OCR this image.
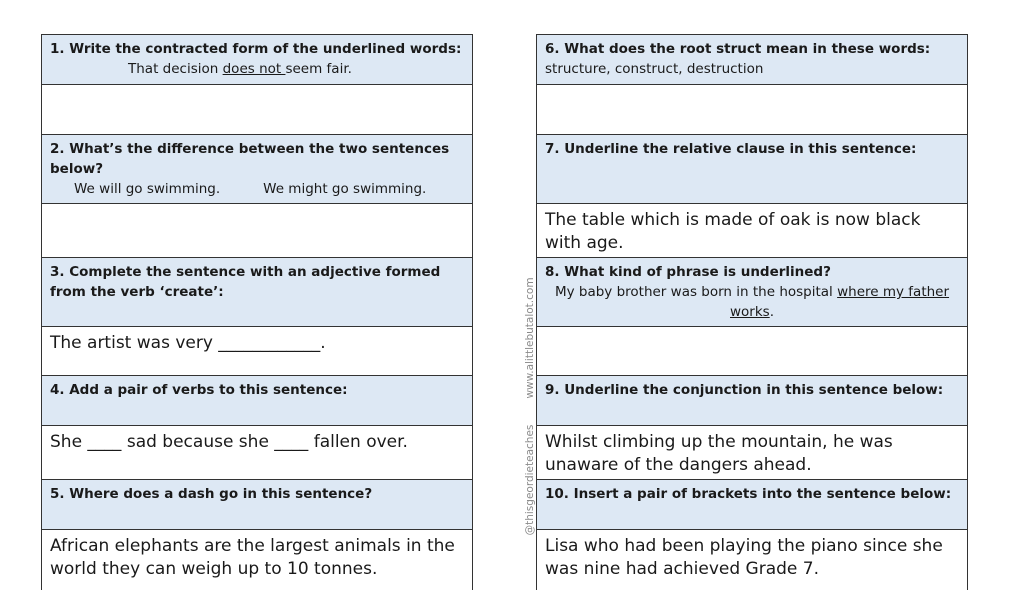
1. Write the contracted form of the underlined words:
That decision does not seem fair.
2. What’s the difference between the two sentences below?
We will go swimming.	We might go swimming.
3. Complete the sentence with an adjective formed from the verb ‘create’:
The artist was very ____________.
4. Add a pair of verbs to this sentence:
She ____ sad because she ____ fallen over.
5. Where does a dash go in this sentence?
African elephants are the largest animals in the world they can weigh up to 10 tonnes.
6. What does the root struct mean in these words:
structure, construct, destruction
7. Underline the relative clause in this sentence:
The table which is made of oak is now black with age.
8. What kind of phrase is underlined?
My baby brother was born in the hospital where my father works.
9. Underline the conjunction in this sentence below:
Whilst climbing up the mountain, he was unaware of the dangers ahead.
10. Insert a pair of brackets into the sentence below:
Lisa who had been playing the piano since she was nine had achieved Grade 7.
www.alittlebutalot.com
@thisgeordieteaches
